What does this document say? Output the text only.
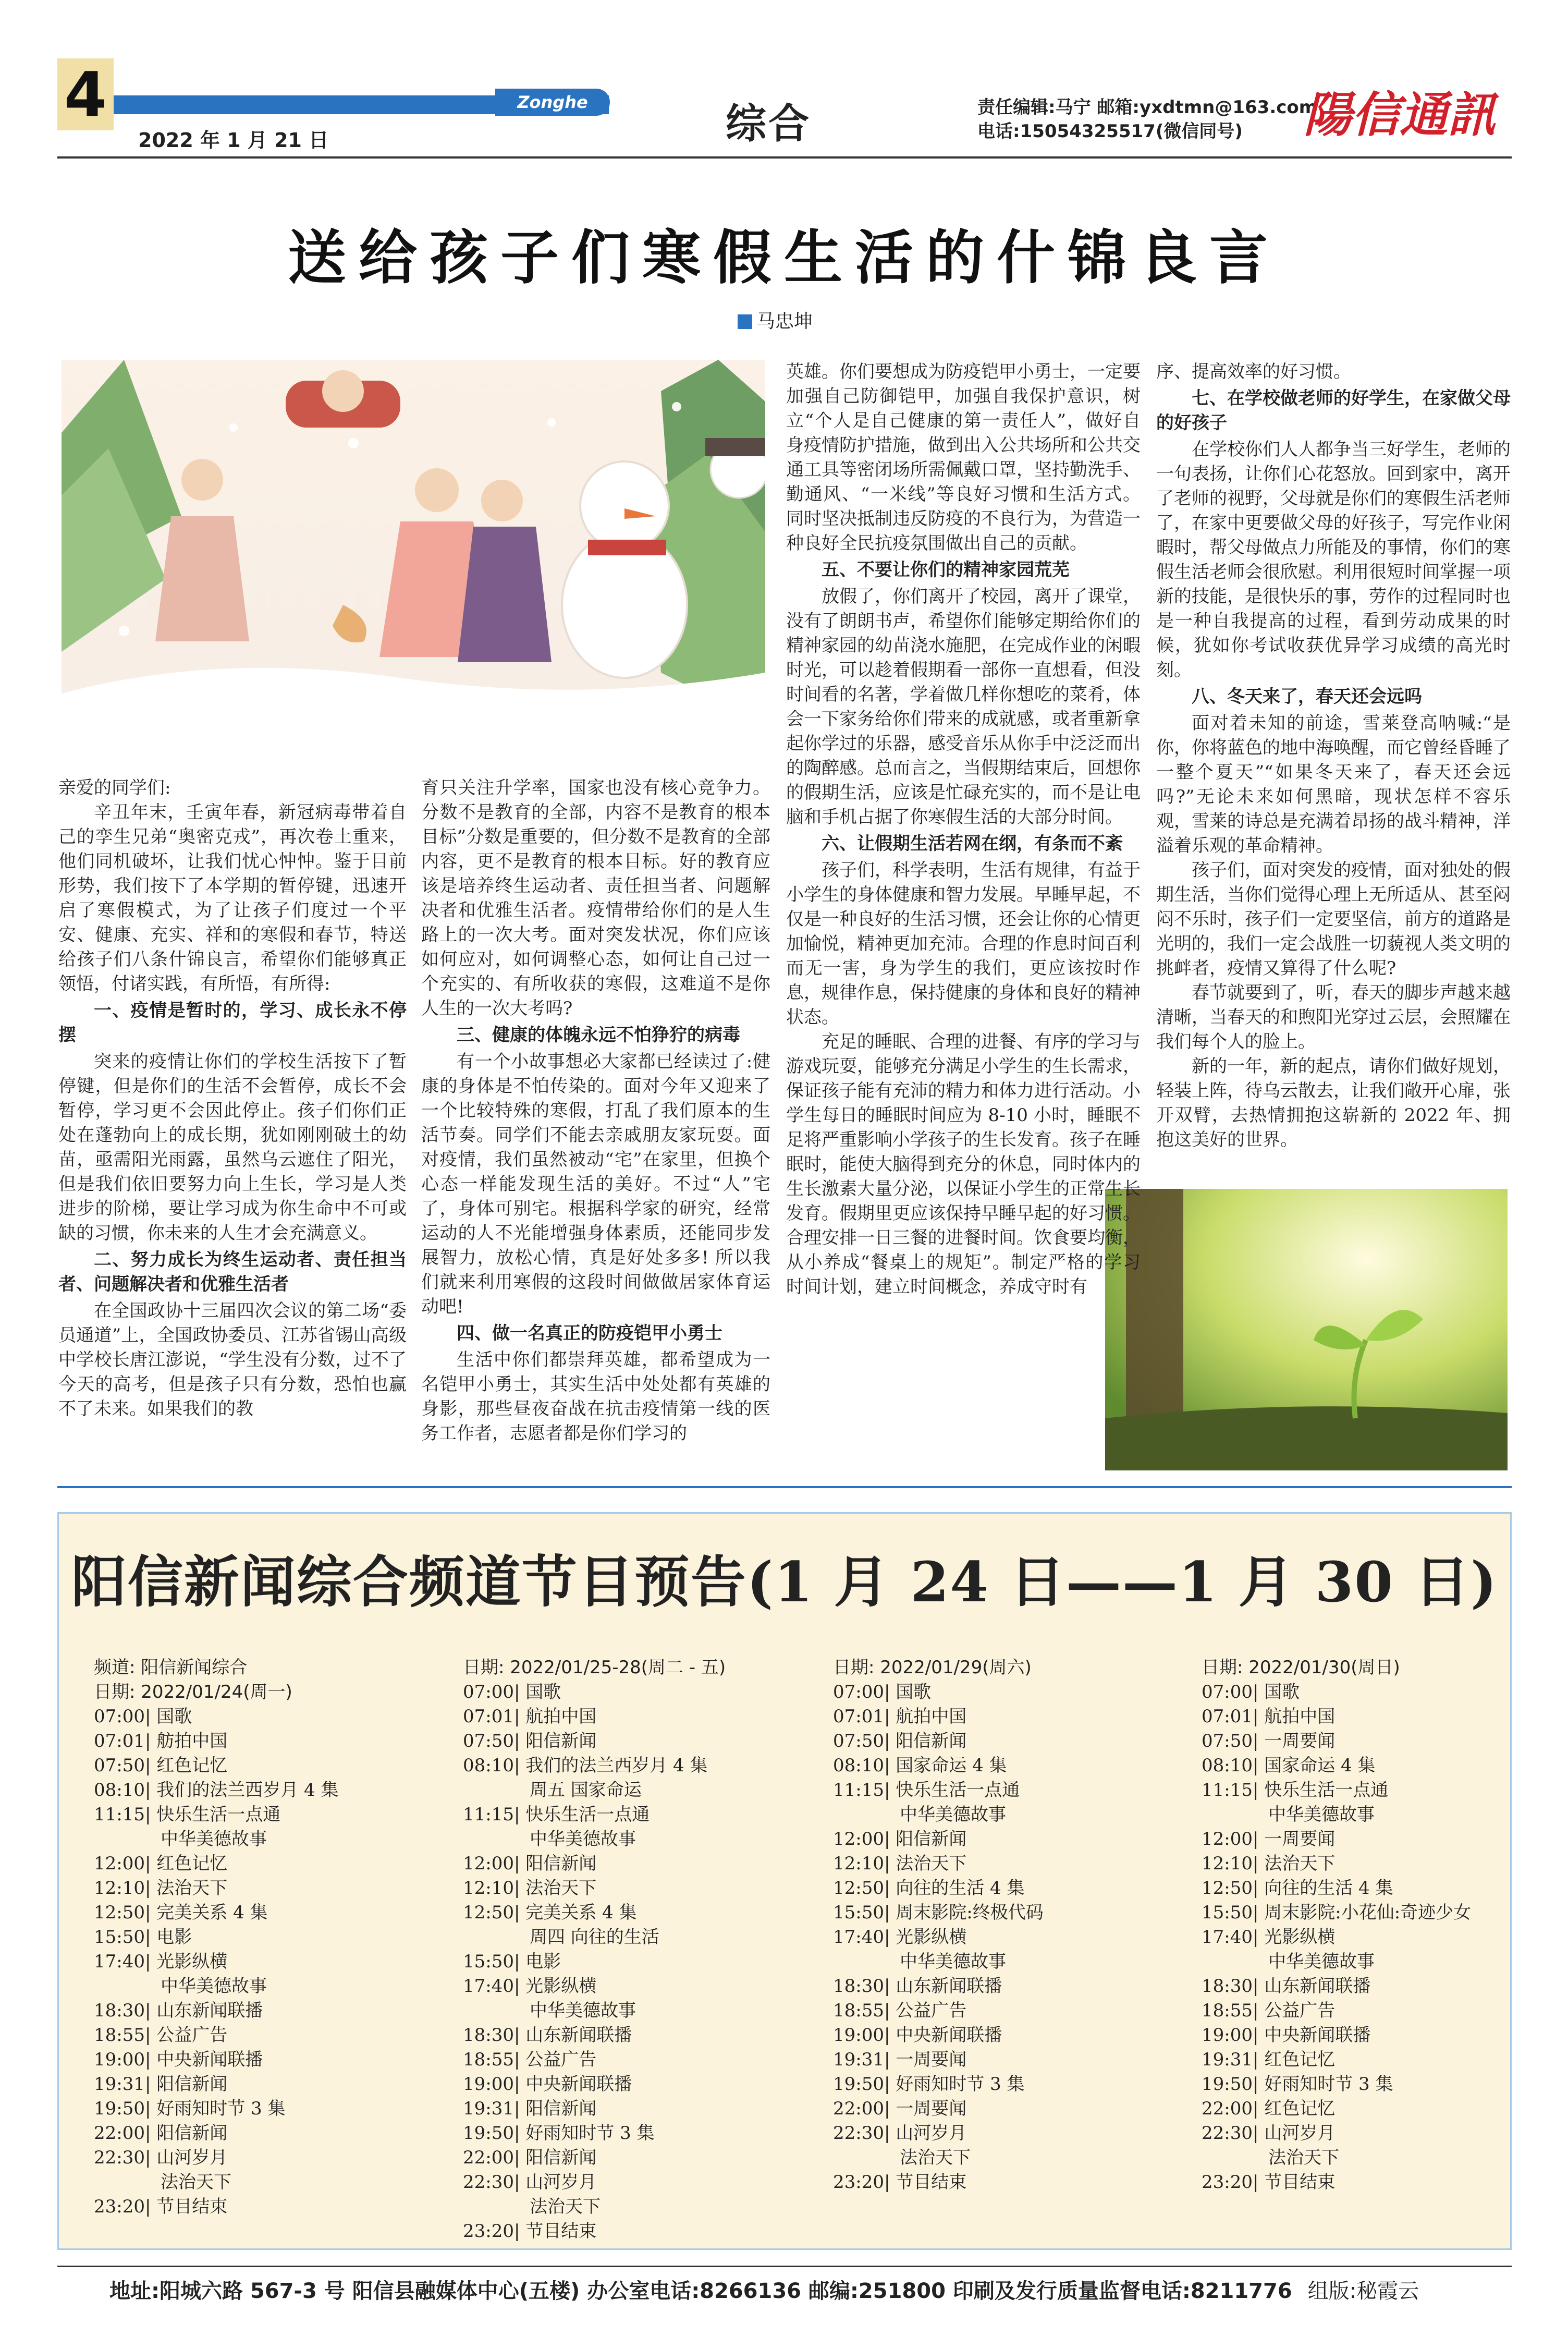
4	Zonghe
2022 年 1 月 21 日	综合	责任编辑:马宁 邮箱:yxdtmn@163.com
电话:15054325517(微信同号)	陽信通訊
送给孩子们寒假生活的什锦良言
马忠坤

亲爱的同学们:

辛丑年末，壬寅年春，新冠病毒带着自己的孪生兄弟“奥密克戎”，再次卷土重来，他们同机破坏，让我们忧心忡忡。鉴于目前形势，我们按下了本学期的暂停键，迅速开启了寒假模式，为了让孩子们度过一个平安、健康、充实、祥和的寒假和春节，特送给孩子们八条什锦良言，希望你们能够真正领悟，付诸实践，有所悟，有所得:

一、疫情是暂时的，学习、成长永不停摆

突来的疫情让你们的学校生活按下了暂停键，但是你们的生活不会暂停，成长不会暂停，学习更不会因此停止。孩子们你们正处在蓬勃向上的成长期，犹如刚刚破土的幼苗，亟需阳光雨露，虽然乌云遮住了阳光，但是我们依旧要努力向上生长，学习是人类进步的阶梯，要让学习成为你生命中不可或缺的习惯，你未来的人生才会充满意义。

二、努力成长为终生运动者、责任担当者、问题解决者和优雅生活者

在全国政协十三届四次会议的第二场“委员通道”上，全国政协委员、江苏省锡山高级中学校长唐江澎说，“学生没有分数，过不了今天的高考，但是孩子只有分数，恐怕也赢不了未来。如果我们的教

育只关注升学率，国家也没有核心竞争力。分数不是教育的全部，内容不是教育的根本目标”分数是重要的，但分数不是教育的全部内容，更不是教育的根本目标。好的教育应该是培养终生运动者、责任担当者、问题解决者和优雅生活者。疫情带给你们的是人生路上的一次大考。面对突发状况，你们应该如何应对，如何调整心态，如何让自己过一个充实的、有所收获的寒假，这难道不是你人生的一次大考吗?

三、健康的体魄永远不怕狰狞的病毒

有一个小故事想必大家都已经读过了:健康的身体是不怕传染的。面对今年又迎来了一个比较特殊的寒假，打乱了我们原本的生活节奏。同学们不能去亲戚朋友家玩耍。面对疫情，我们虽然被动“宅”在家里，但换个心态一样能发现生活的美好。不过“人”宅了，身体可别宅。根据科学家的研究，经常运动的人不光能增强身体素质，还能同步发展智力，放松心情，真是好处多多! 所以我们就来利用寒假的这段时间做做居家体育运动吧!

四、做一名真正的防疫铠甲小勇士

生活中你们都崇拜英雄，都希望成为一名铠甲小勇士，其实生活中处处都有英雄的身影，那些昼夜奋战在抗击疫情第一线的医务工作者，志愿者都是你们学习的

英雄。你们要想成为防疫铠甲小勇士，一定要加强自己防御铠甲，加强自我保护意识，树立“个人是自己健康的第一责任人”，做好自身疫情防护措施，做到出入公共场所和公共交通工具等密闭场所需佩戴口罩，坚持勤洗手、勤通风、“一米线”等良好习惯和生活方式。同时坚决抵制违反防疫的不良行为，为营造一种良好全民抗疫氛围做出自己的贡献。

五、不要让你们的精神家园荒芜

放假了，你们离开了校园，离开了课堂，没有了朗朗书声，希望你们能够定期给你们的精神家园的幼苗浇水施肥，在完成作业的闲暇时光，可以趁着假期看一部你一直想看，但没时间看的名著，学着做几样你想吃的菜肴，体会一下家务给你们带来的成就感，或者重新拿起你学过的乐器，感受音乐从你手中泛泛而出的陶醉感。总而言之，当假期结束后，回想你的假期生活，应该是忙碌充实的，而不是让电脑和手机占据了你寒假生活的大部分时间。

六、让假期生活若网在纲，有条而不紊

孩子们，科学表明，生活有规律，有益于小学生的身体健康和智力发展。早睡早起，不仅是一种良好的生活习惯，还会让你的心情更加愉悦，精神更加充沛。合理的作息时间百利而无一害，身为学生的我们，更应该按时作息，规律作息，保持健康的身体和良好的精神状态。

充足的睡眠、合理的进餐、有序的学习与游戏玩耍，能够充分满足小学生的生长需求，保证孩子能有充沛的精力和体力进行活动。小学生每日的睡眠时间应为 8-10 小时，睡眠不足将严重影响小学孩子的生长发育。孩子在睡眠时，能使大脑得到充分的休息，同时体内的生长激素大量分泌，以保证小学生的正常生长发育。假期里更应该保持早睡早起的好习惯。合理安排一日三餐的进餐时间。饮食要均衡，从小养成“餐桌上的规矩”。制定严格的学习时间计划，建立时间概念，养成守时有

序、提高效率的好习惯。

七、在学校做老师的好学生，在家做父母的好孩子

在学校你们人人都争当三好学生，老师的一句表扬，让你们心花怒放。回到家中，离开了老师的视野，父母就是你们的寒假生活老师了，在家中更要做父母的好孩子，写完作业闲暇时，帮父母做点力所能及的事情，你们的寒假生活老师会很欣慰。利用很短时间掌握一项新的技能，是很快乐的事，劳作的过程同时也是一种自我提高的过程，看到劳动成果的时候，犹如你考试收获优异学习成绩的高光时刻。

八、冬天来了，春天还会远吗

面对着未知的前途，雪莱登高呐喊:“是你，你将蓝色的地中海唤醒，而它曾经昏睡了一整个夏天”“如果冬天来了，春天还会远吗?”无论未来如何黑暗，现状怎样不容乐观，雪莱的诗总是充满着昂扬的战斗精神，洋溢着乐观的革命精神。

孩子们，面对突发的疫情，面对独处的假期生活，当你们觉得心理上无所适从、甚至闷闷不乐时，孩子们一定要坚信，前方的道路是光明的，我们一定会战胜一切藐视人类文明的挑衅者，疫情又算得了什么呢?

春节就要到了，听，春天的脚步声越来越清晰，当春天的和煦阳光穿过云层，会照耀在我们每个人的脸上。

新的一年，新的起点，请你们做好规划，轻装上阵，待乌云散去，让我们敞开心扉，张开双臂，去热情拥抱这崭新的 2022 年、拥抱这美好的世界。

阳信新闻综合频道节目预告(1 月 24 日——1 月 30 日)
频道: 阳信新闻综合
日期: 2022/01/24(周一)
07:00| 国歌
07:01| 舫拍中国
07:50| 红色记忆
08:10| 我们的法兰西岁月 4 集
11:15| 快乐生活一点通
中华美德故事
12:00| 红色记忆
12:10| 法治天下
12:50| 完美关系 4 集
15:50| 电影
17:40| 光影纵横
中华美德故事
18:30| 山东新闻联播
18:55| 公益广告
19:00| 中央新闻联播
19:31| 阳信新闻
19:50| 好雨知时节 3 集
22:00| 阳信新闻
22:30| 山河岁月
法治天下
23:20| 节目结束
日期: 2022/01/25-28(周二 - 五)
07:00| 国歌
07:01| 航拍中国
07:50| 阳信新闻
08:10| 我们的法兰西岁月 4 集
周五 国家命运
11:15| 快乐生活一点通
中华美德故事
12:00| 阳信新闻
12:10| 法治天下
12:50| 完美关系 4 集
周四 向往的生活
15:50| 电影
17:40| 光影纵横
中华美德故事
18:30| 山东新闻联播
18:55| 公益广告
19:00| 中央新闻联播
19:31| 阳信新闻
19:50| 好雨知时节 3 集
22:00| 阳信新闻
22:30| 山河岁月
法治天下
23:20| 节目结束
日期: 2022/01/29(周六)
07:00| 国歌
07:01| 航拍中国
07:50| 阳信新闻
08:10| 国家命运 4 集
11:15| 快乐生活一点通
中华美德故事
12:00| 阳信新闻
12:10| 法治天下
12:50| 向往的生活 4 集
15:50| 周末影院:终极代码
17:40| 光影纵横
中华美德故事
18:30| 山东新闻联播
18:55| 公益广告
19:00| 中央新闻联播
19:31| 一周要闻
19:50| 好雨知时节 3 集
22:00| 一周要闻
22:30| 山河岁月
法治天下
23:20| 节目结束
日期: 2022/01/30(周日)
07:00| 国歌
07:01| 航拍中国
07:50| 一周要闻
08:10| 国家命运 4 集
11:15| 快乐生活一点通
中华美德故事
12:00| 一周要闻
12:10| 法治天下
12:50| 向往的生活 4 集
15:50| 周末影院:小花仙:奇迹少女
17:40| 光影纵横
中华美德故事
18:30| 山东新闻联播
18:55| 公益广告
19:00| 中央新闻联播
19:31| 红色记忆
19:50| 好雨知时节 3 集
22:00| 红色记忆
22:30| 山河岁月
法治天下
23:20| 节目结束
地址:阳城六路 567-3 号 阳信县融媒体中心(五楼) 办公室电话:8266136 邮编:251800 印刷及发行质量监督电话:8211776 组版:秘霞云
